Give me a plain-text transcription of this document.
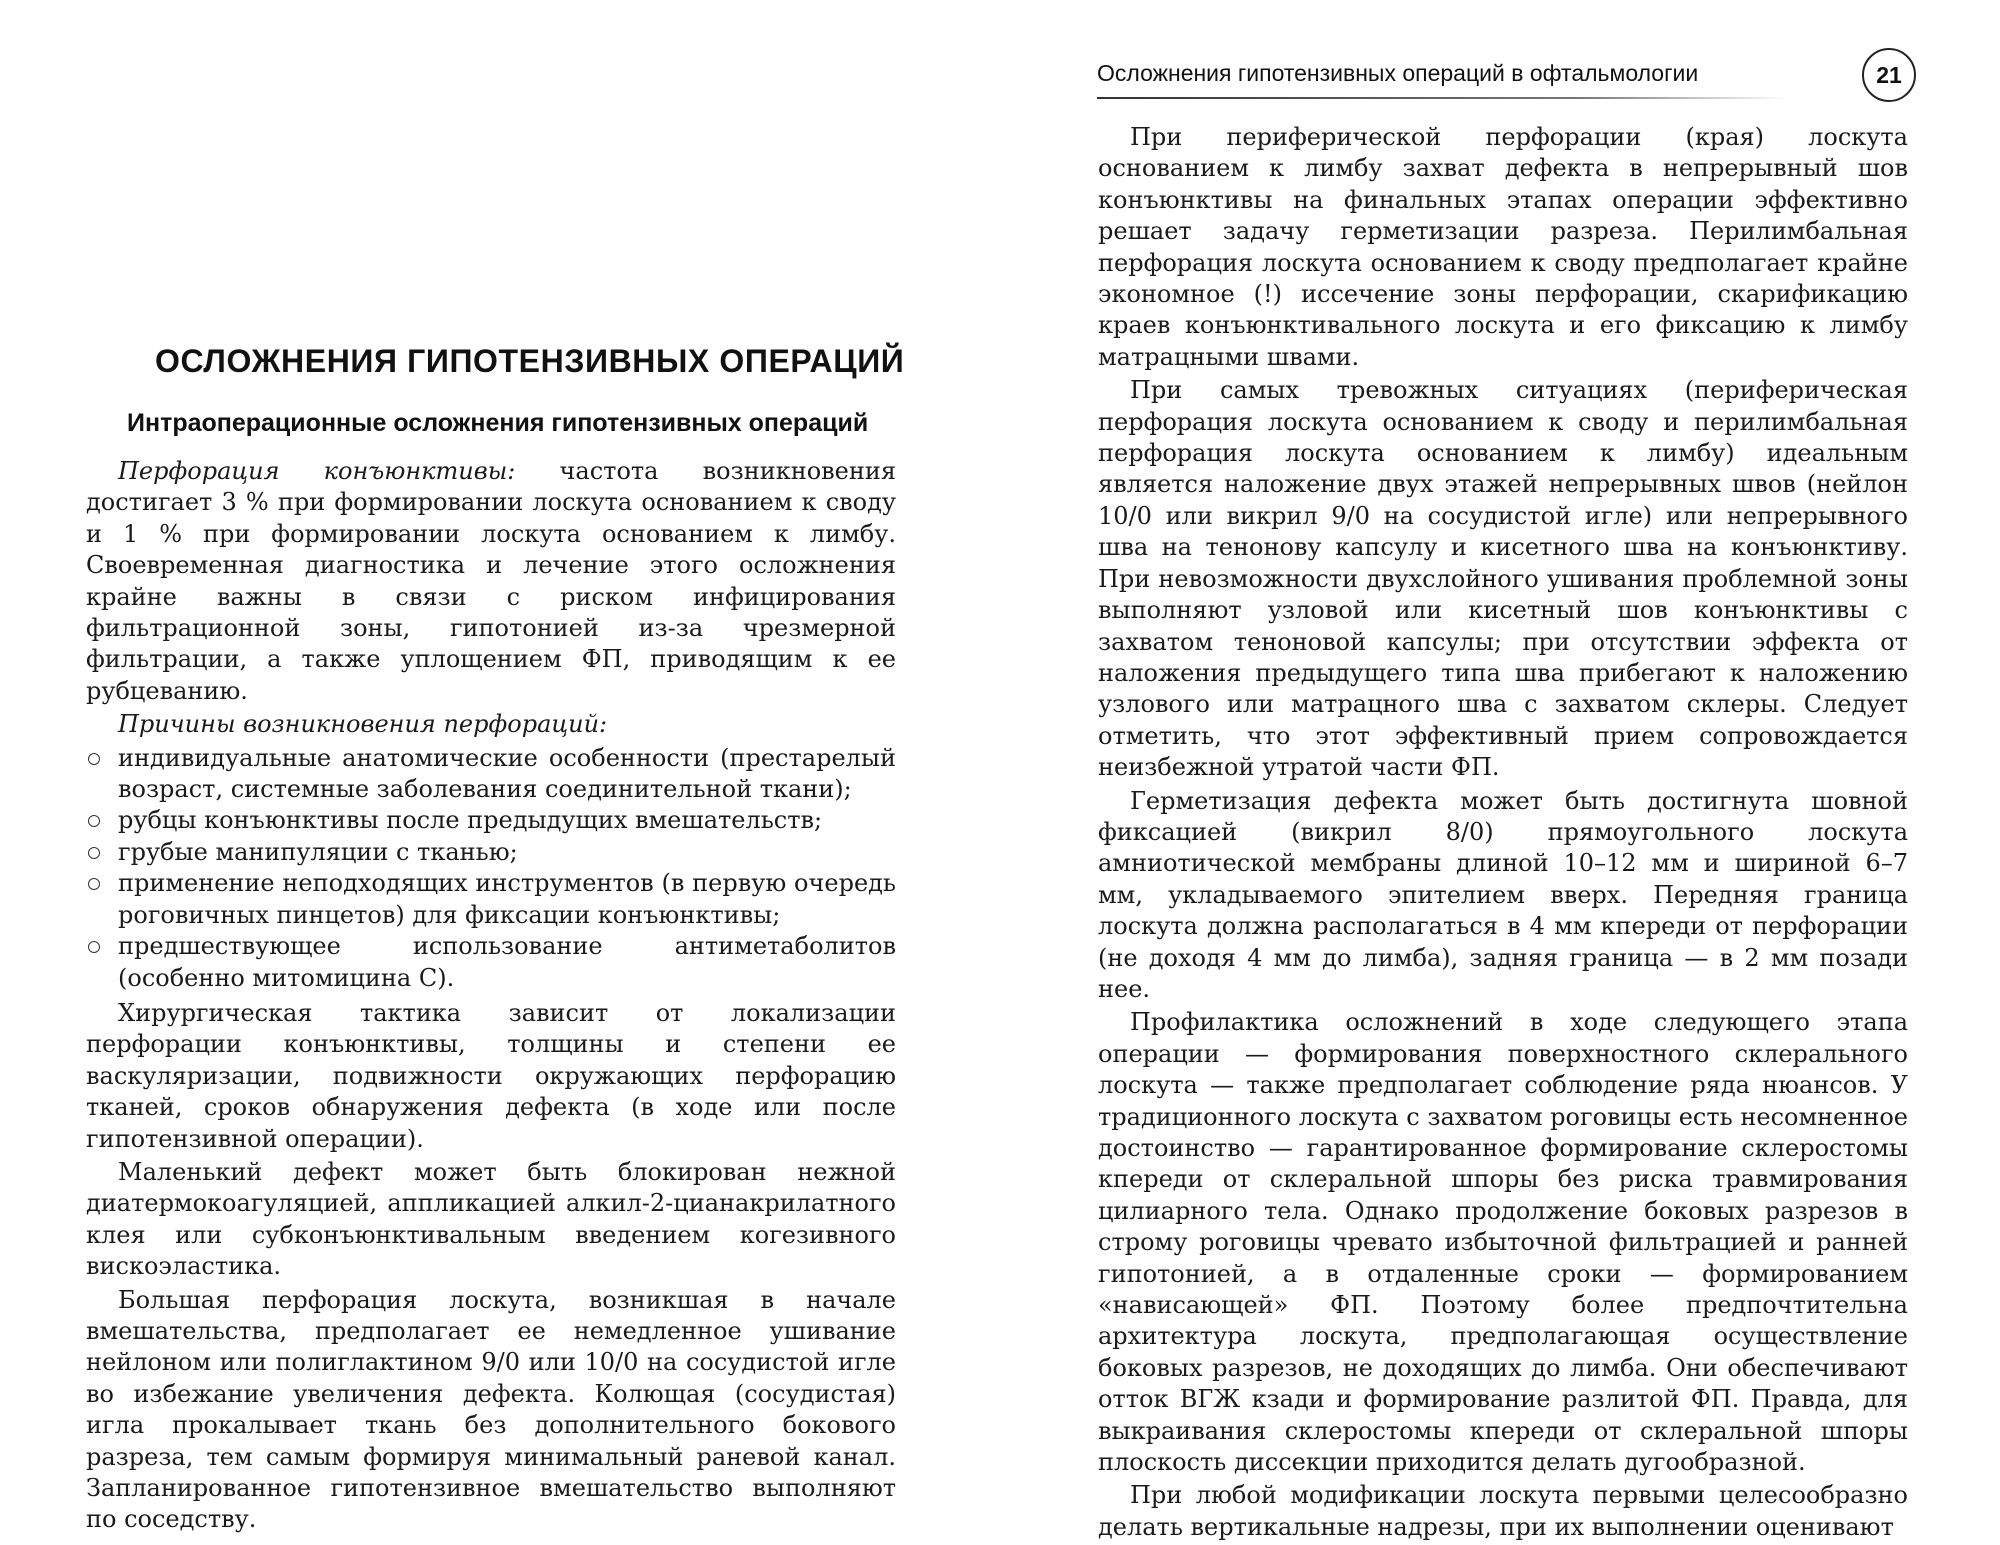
ОСЛОЖНЕНИЯ ГИПОТЕНЗИВНЫХ ОПЕРАЦИЙ
Интраоперационные осложнения гипотензивных операций

Перфорация конъюнктивы: частота возникновения достигает 3 % при формировании лоскута основанием к своду и 1 % при формировании лоскута основанием к лимбу. Своевременная диагностика и лечение этого осложнения крайне важны в связи с риском инфицирования фильтрационной зоны, гипотонией из-за чрезмерной фильтрации, а также уплощением ФП, приводящим к ее рубцеванию.

Причины возникновения перфораций:

индивидуальные анатомические особенности (престарелый возраст, системные заболевания соединительной ткани);
рубцы конъюнктивы после предыдущих вмешательств;
грубые манипуляции с тканью;
применение неподходящих инструментов (в первую очередь роговичных пинцетов) для фиксации конъюнктивы;
предшествующее использование антиметаболитов (особенно митомицина С).

Хирургическая тактика зависит от локализации перфорации конъюнктивы, толщины и степени ее васкуляризации, подвижности окружающих перфорацию тканей, сроков обнаружения дефекта (в ходе или после гипотензивной операции).

Маленький дефект может быть блокирован нежной диатермокоагуляцией, аппликацией алкил-2-цианакрилатного клея или субконъюнктивальным введением когезивного вискоэластика.

Большая перфорация лоскута, возникшая в начале вмешательства, предполагает ее немедленное ушивание нейлоном или полиглактином 9/0 или 10/0 на сосудистой игле во избежание увеличения дефекта. Колющая (сосудистая) игла прокалывает ткань без дополнительного бокового разреза, тем самым формируя минимальный раневой канал. Запланированное гипотензивное вмешательство выполняют по соседству.

Осложнения гипотензивных операций в офтальмологии	21

При периферической перфорации (края) лоскута основанием к лимбу захват дефекта в непрерывный шов конъюнктивы на финальных этапах операции эффективно решает задачу герметизации разреза. Перилимбальная перфорация лоскута основанием к своду предполагает крайне экономное (!) иссечение зоны перфорации, скарификацию краев конъюнктивального лоскута и его фиксацию к лимбу матрацными швами.

При самых тревожных ситуациях (периферическая перфорация лоскута основанием к своду и перилимбальная перфорация лоскута основанием к лимбу) идеальным является наложение двух этажей непрерывных швов (нейлон 10/0 или викрил 9/0 на сосудистой игле) или непрерывного шва на тенонову капсулу и кисетного шва на конъюнктиву. При невозможности двухслойного ушивания проблемной зоны выполняют узловой или кисетный шов конъюнктивы с захватом теноновой капсулы; при отсутствии эффекта от наложения предыдущего типа шва прибегают к наложению узлового или матрацного шва с захватом склеры. Следует отметить, что этот эффективный прием сопровождается неизбежной утратой части ФП.

Герметизация дефекта может быть достигнута шовной фиксацией (викрил 8/0) прямоугольного лоскута амниотической мембраны длиной 10–12 мм и шириной 6–7 мм, укладываемого эпителием вверх. Передняя граница лоскута должна располагаться в 4 мм кпереди от перфорации (не доходя 4 мм до лимба), задняя граница — в 2 мм позади нее.

Профилактика осложнений в ходе следующего этапа операции — формирования поверхностного склерального лоскута — также предполагает соблюдение ряда нюансов. У традиционного лоскута с захватом роговицы есть несомненное достоинство — гарантированное формирование склеростомы кпереди от склеральной шпоры без риска травмирования цилиарного тела. Однако продолжение боковых разрезов в строму роговицы чревато избыточной фильтрацией и ранней гипотонией, а в отдаленные сроки — формированием «нависающей» ФП. Поэтому более предпочтительна архитектура лоскута, предполагающая осуществление боковых разрезов, не доходящих до лимба. Они обеспечивают отток ВГЖ кзади и формирование разлитой ФП. Правда, для выкраивания склеростомы кпереди от склеральной шпоры плоскость диссекции приходится делать дугообразной.

При любой модификации лоскута первыми целесообразно делать вертикальные надрезы, при их выполнении оценивают
